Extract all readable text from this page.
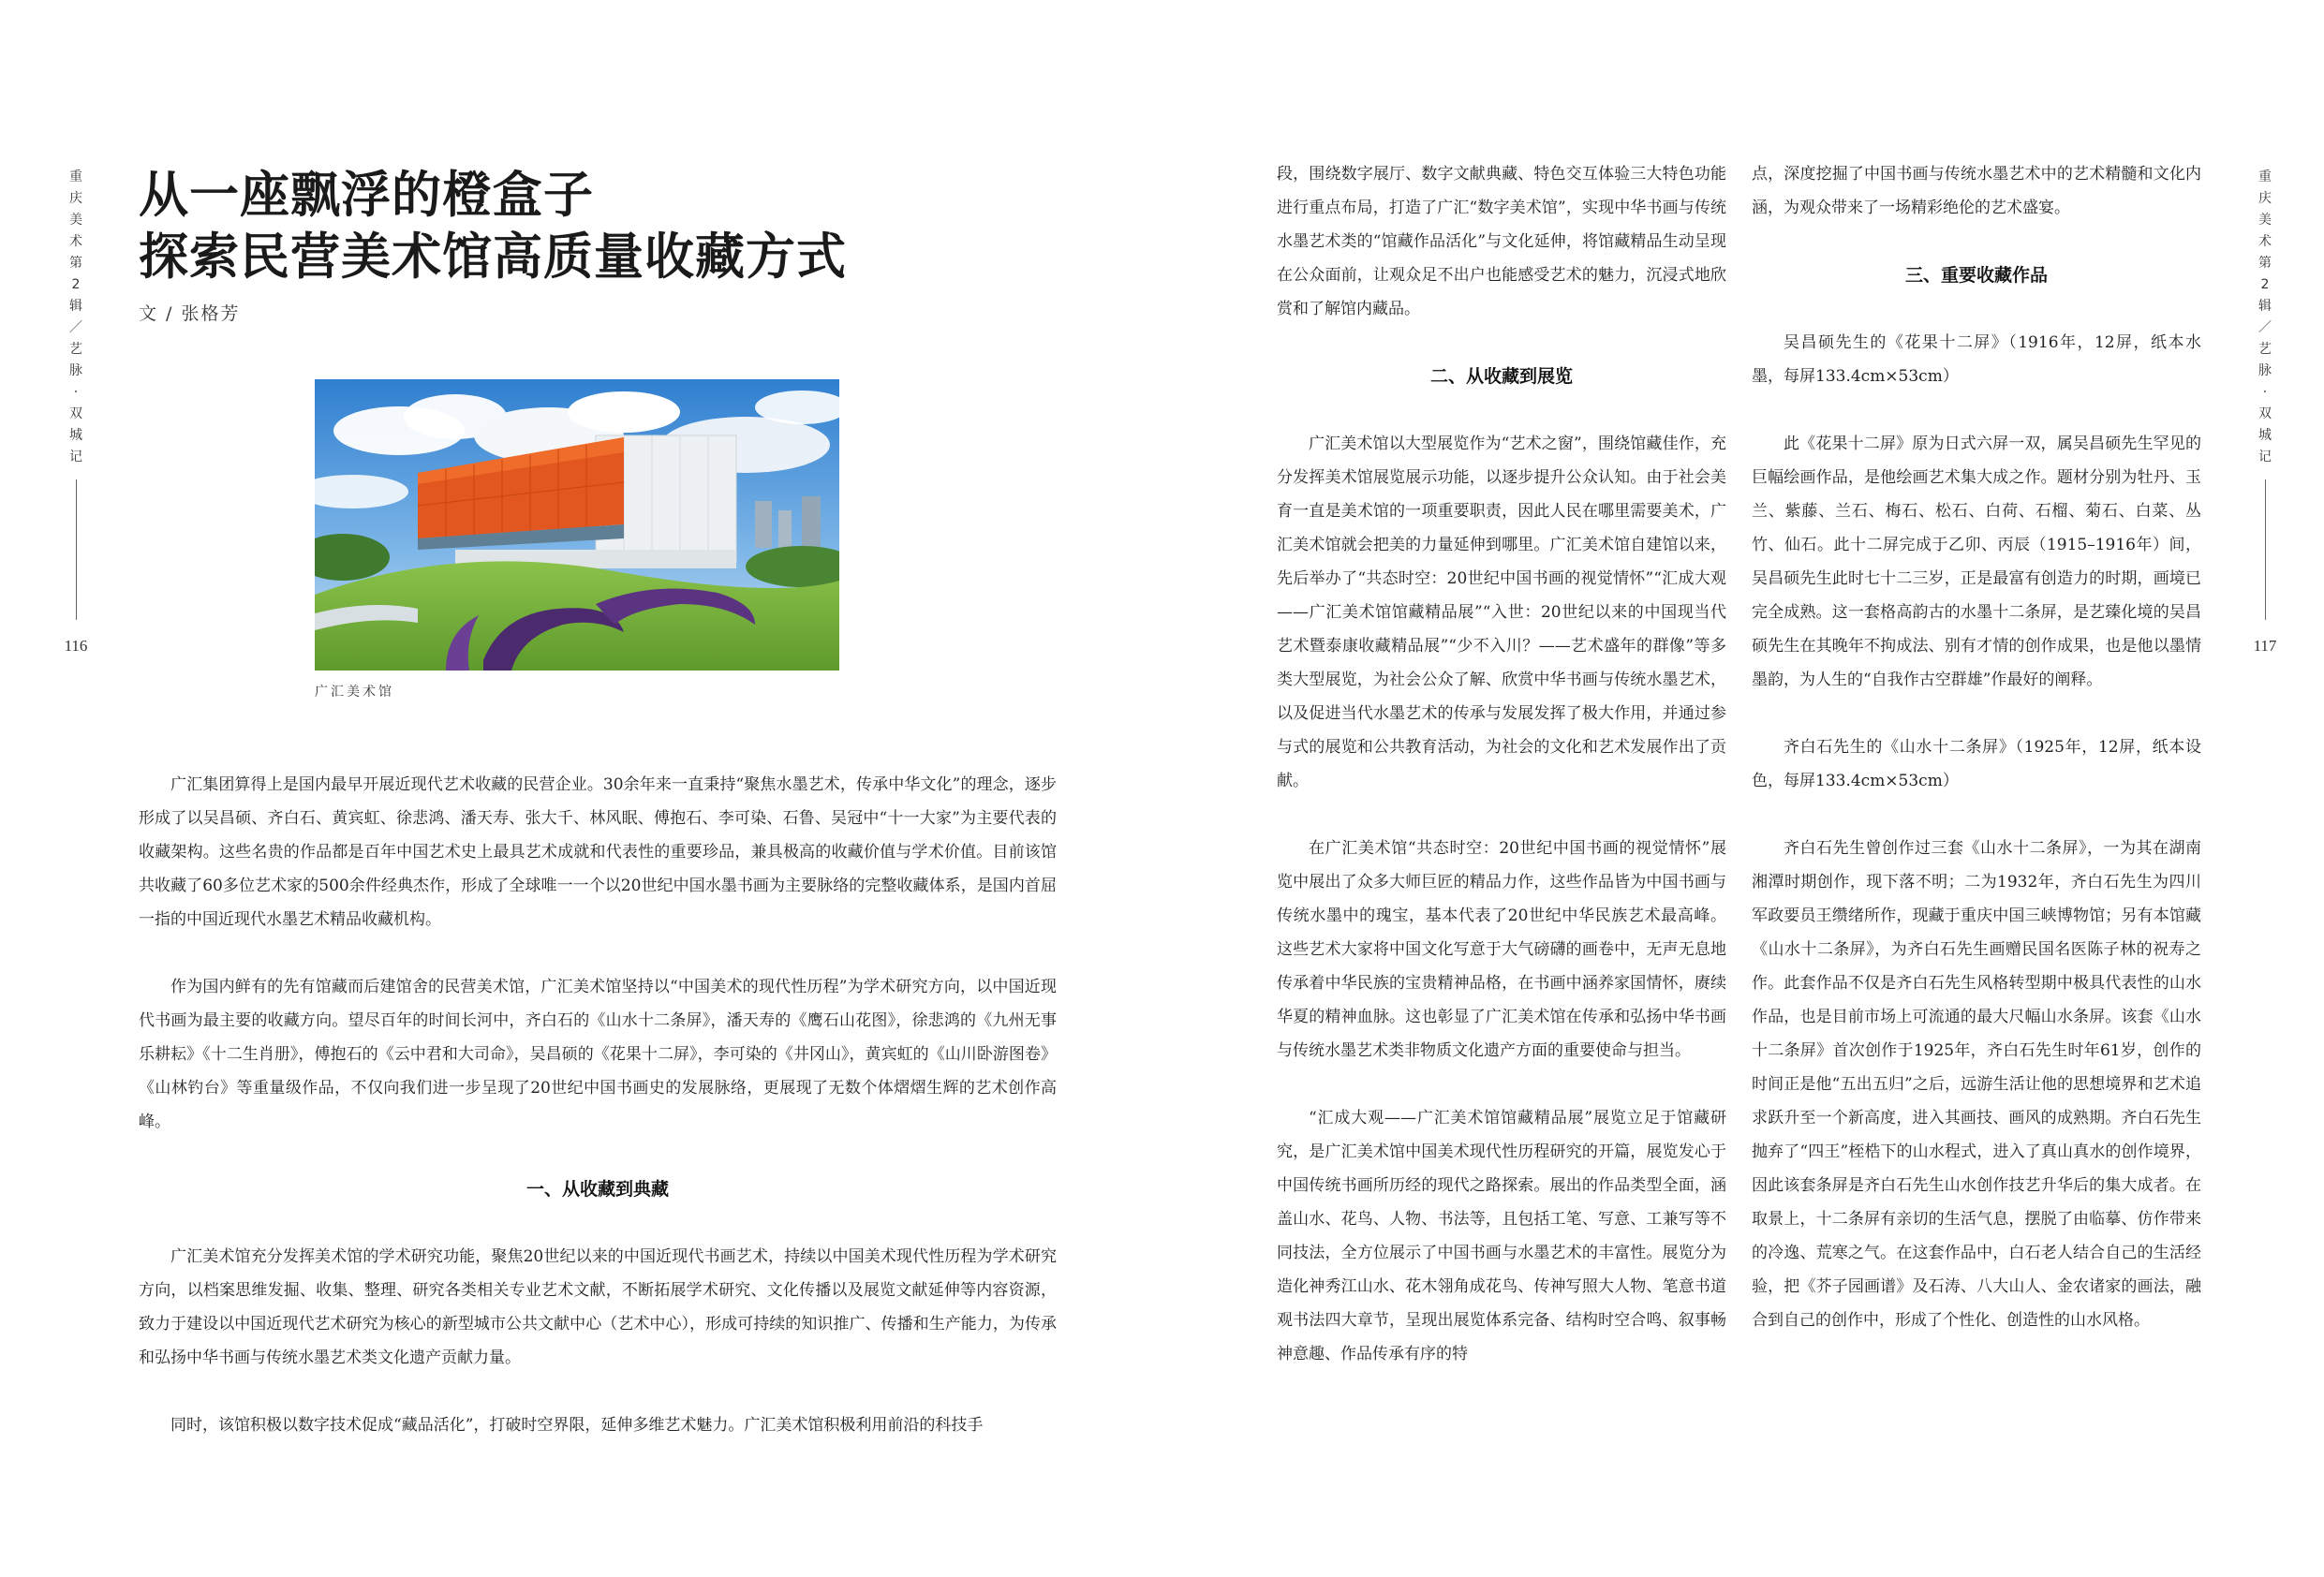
重
庆
美
术
第
2
辑
／
艺
脉
·
双
城
记
116
重
庆
美
术
第
2
辑
／
艺
脉
·
双
城
记
117
从一座飘浮的橙盒子
探索民营美术馆高质量收藏方式
文 / 张格芳
广汇美术馆

广汇集团算得上是国内最早开展近现代艺术收藏的民营企业。30余年来一直秉持“聚焦水墨艺术，传承中华文化”的理念，逐步形成了以吴昌硕、齐白石、黄宾虹、徐悲鸿、潘天寿、张大千、林风眠、傅抱石、李可染、石鲁、吴冠中“十一大家”为主要代表的收藏架构。这些名贵的作品都是百年中国艺术史上最具艺术成就和代表性的重要珍品，兼具极高的收藏价值与学术价值。目前该馆共收藏了60多位艺术家的500余件经典杰作，形成了全球唯一一个以20世纪中国水墨书画为主要脉络的完整收藏体系，是国内首屈一指的中国近现代水墨艺术精品收藏机构。

作为国内鲜有的先有馆藏而后建馆舍的民营美术馆，广汇美术馆坚持以“中国美术的现代性历程”为学术研究方向，以中国近现代书画为最主要的收藏方向。望尽百年的时间长河中，齐白石的《山水十二条屏》，潘天寿的《鹰石山花图》，徐悲鸿的《九州无事乐耕耘》《十二生肖册》，傅抱石的《云中君和大司命》，吴昌硕的《花果十二屏》，李可染的《井冈山》，黄宾虹的《山川卧游图卷》《山林钓台》等重量级作品，不仅向我们进一步呈现了20世纪中国书画史的发展脉络，更展现了无数个体熠熠生辉的艺术创作高峰。

一、从收藏到典藏

广汇美术馆充分发挥美术馆的学术研究功能，聚焦20世纪以来的中国近现代书画艺术，持续以中国美术现代性历程为学术研究方向，以档案思维发掘、收集、整理、研究各类相关专业艺术文献，不断拓展学术研究、文化传播以及展览文献延伸等内容资源，致力于建设以中国近现代艺术研究为核心的新型城市公共文献中心（艺术中心），形成可持续的知识推广、传播和生产能力，为传承和弘扬中华书画与传统水墨艺术类文化遗产贡献力量。

同时，该馆积极以数字技术促成“藏品活化”，打破时空界限，延伸多维艺术魅力。广汇美术馆积极利用前沿的科技手

段，围绕数字展厅、数字文献典藏、特色交互体验三大特色功能进行重点布局，打造了广汇“数字美术馆”，实现中华书画与传统水墨艺术类的“馆藏作品活化”与文化延伸，将馆藏精品生动呈现在公众面前，让观众足不出户也能感受艺术的魅力，沉浸式地欣赏和了解馆内藏品。

二、从收藏到展览

广汇美术馆以大型展览作为“艺术之窗”，围绕馆藏佳作，充分发挥美术馆展览展示功能，以逐步提升公众认知。由于社会美育一直是美术馆的一项重要职责，因此人民在哪里需要美术，广汇美术馆就会把美的力量延伸到哪里。广汇美术馆自建馆以来，先后举办了“共态时空：20世纪中国书画的视觉情怀”“汇成大观——广汇美术馆馆藏精品展”“入世：20世纪以来的中国现当代艺术暨泰康收藏精品展”“少不入川？——艺术盛年的群像”等多类大型展览，为社会公众了解、欣赏中华书画与传统水墨艺术，以及促进当代水墨艺术的传承与发展发挥了极大作用，并通过参与式的展览和公共教育活动，为社会的文化和艺术发展作出了贡献。

在广汇美术馆“共态时空：20世纪中国书画的视觉情怀”展览中展出了众多大师巨匠的精品力作，这些作品皆为中国书画与传统水墨中的瑰宝，基本代表了20世纪中华民族艺术最高峰。这些艺术大家将中国文化写意于大气磅礴的画卷中，无声无息地传承着中华民族的宝贵精神品格，在书画中涵养家国情怀，赓续华夏的精神血脉。这也彰显了广汇美术馆在传承和弘扬中华书画与传统水墨艺术类非物质文化遗产方面的重要使命与担当。

“汇成大观——广汇美术馆馆藏精品展”展览立足于馆藏研究，是广汇美术馆中国美术现代性历程研究的开篇，展览发心于中国传统书画所历经的现代之路探索。展出的作品类型全面，涵盖山水、花鸟、人物、书法等，且包括工笔、写意、工兼写等不同技法，全方位展示了中国书画与水墨艺术的丰富性。展览分为造化神秀江山水、花木翎角成花鸟、传神写照大人物、笔意书道观书法四大章节，呈现出展览体系完备、结构时空合鸣、叙事畅神意趣、作品传承有序的特

点，深度挖掘了中国书画与传统水墨艺术中的艺术精髓和文化内涵，为观众带来了一场精彩绝伦的艺术盛宴。

三、重要收藏作品

吴昌硕先生的《花果十二屏》（1916年，12屏，纸本水墨，每屏133.4cm×53cm）

此《花果十二屏》原为日式六屏一双，属吴昌硕先生罕见的巨幅绘画作品，是他绘画艺术集大成之作。题材分别为牡丹、玉兰、紫藤、兰石、梅石、松石、白荷、石榴、菊石、白菜、丛竹、仙石。此十二屏完成于乙卯、丙辰（1915–1916年）间，吴昌硕先生此时七十二三岁，正是最富有创造力的时期，画境已完全成熟。这一套格高韵古的水墨十二条屏，是艺臻化境的吴昌硕先生在其晚年不拘成法、别有才情的创作成果，也是他以墨情墨韵，为人生的“自我作古空群雄”作最好的阐释。

齐白石先生的《山水十二条屏》（1925年，12屏，纸本设色，每屏133.4cm×53cm）

齐白石先生曾创作过三套《山水十二条屏》，一为其在湖南湘潭时期创作，现下落不明；二为1932年，齐白石先生为四川军政要员王缵绪所作，现藏于重庆中国三峡博物馆；另有本馆藏《山水十二条屏》，为齐白石先生画赠民国名医陈子林的祝寿之作。此套作品不仅是齐白石先生风格转型期中极具代表性的山水作品，也是目前市场上可流通的最大尺幅山水条屏。该套《山水十二条屏》首次创作于1925年，齐白石先生时年61岁，创作的时间正是他“五出五归”之后，远游生活让他的思想境界和艺术追求跃升至一个新高度，进入其画技、画风的成熟期。齐白石先生抛弃了“四王”桎梏下的山水程式，进入了真山真水的创作境界，因此该套条屏是齐白石先生山水创作技艺升华后的集大成者。在取景上，十二条屏有亲切的生活气息，摆脱了由临摹、仿作带来的冷逸、荒寒之气。在这套作品中，白石老人结合自己的生活经验，把《芥子园画谱》及石涛、八大山人、金农诸家的画法，融合到自己的创作中，形成了个性化、创造性的山水风格。
